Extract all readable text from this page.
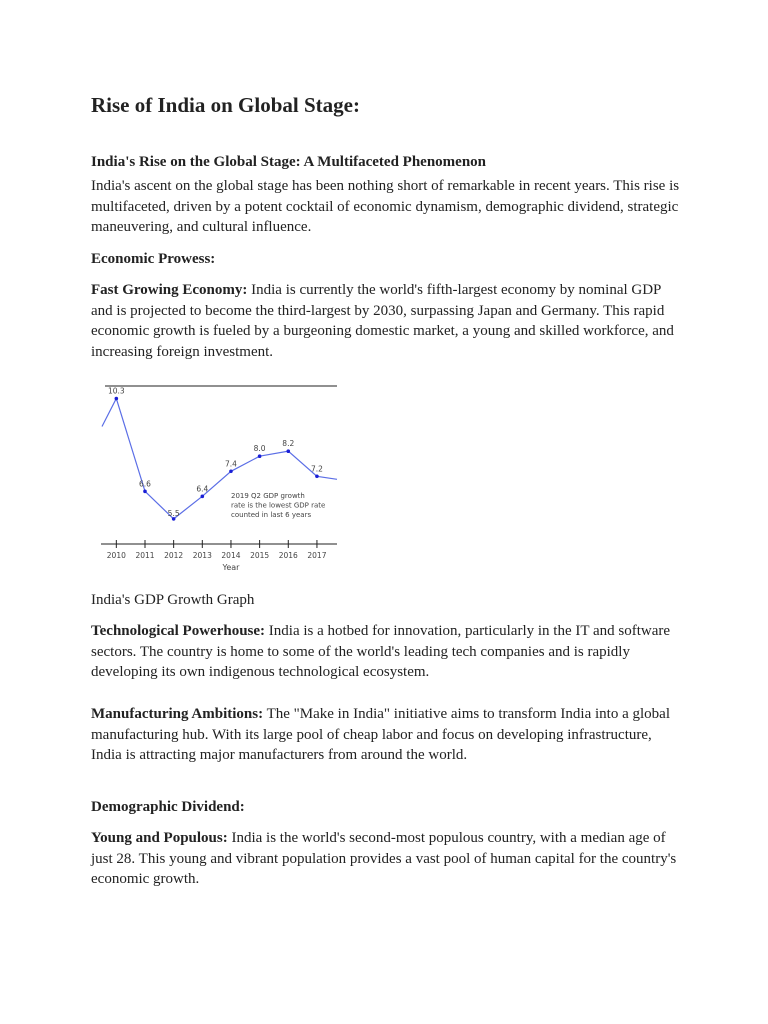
Rise of India on Global Stage:
India's Rise on the Global Stage: A Multifaceted Phenomenon

India's ascent on the global stage has been nothing short of remarkable in recent years. This rise is multifaceted, driven by a potent cocktail of economic dynamism, demographic dividend, strategic maneuvering, and cultural influence.

Economic Prowess:

Fast Growing Economy: India is currently the world's fifth-largest economy by nominal GDP and is projected to become the third-largest by 2030, surpassing Japan and Germany. This rapid economic growth is fueled by a burgeoning domestic market, a young and skilled workforce, and increasing foreign investment.

2010 2011 2012 2013 2014 2015 2016 2017
10.3
6.6
5.5
6.4
7.4
8.0
8.2
7.2
2019 Q2 GDP growth
rate is the lowest GDP rate
counted in last 6 years
Year

India's GDP Growth Graph

Technological Powerhouse: India is a hotbed for innovation, particularly in the IT and software sectors. The country is home to some of the world's leading tech companies and is rapidly developing its own indigenous technological ecosystem.

Manufacturing Ambitions: The "Make in India" initiative aims to transform India into a global manufacturing hub. With its large pool of cheap labor and focus on developing infrastructure, India is attracting major manufacturers from around the world.

Demographic Dividend:

Young and Populous: India is the world's second-most populous country, with a median age of just 28. This young and vibrant population provides a vast pool of human capital for the country's economic growth.
